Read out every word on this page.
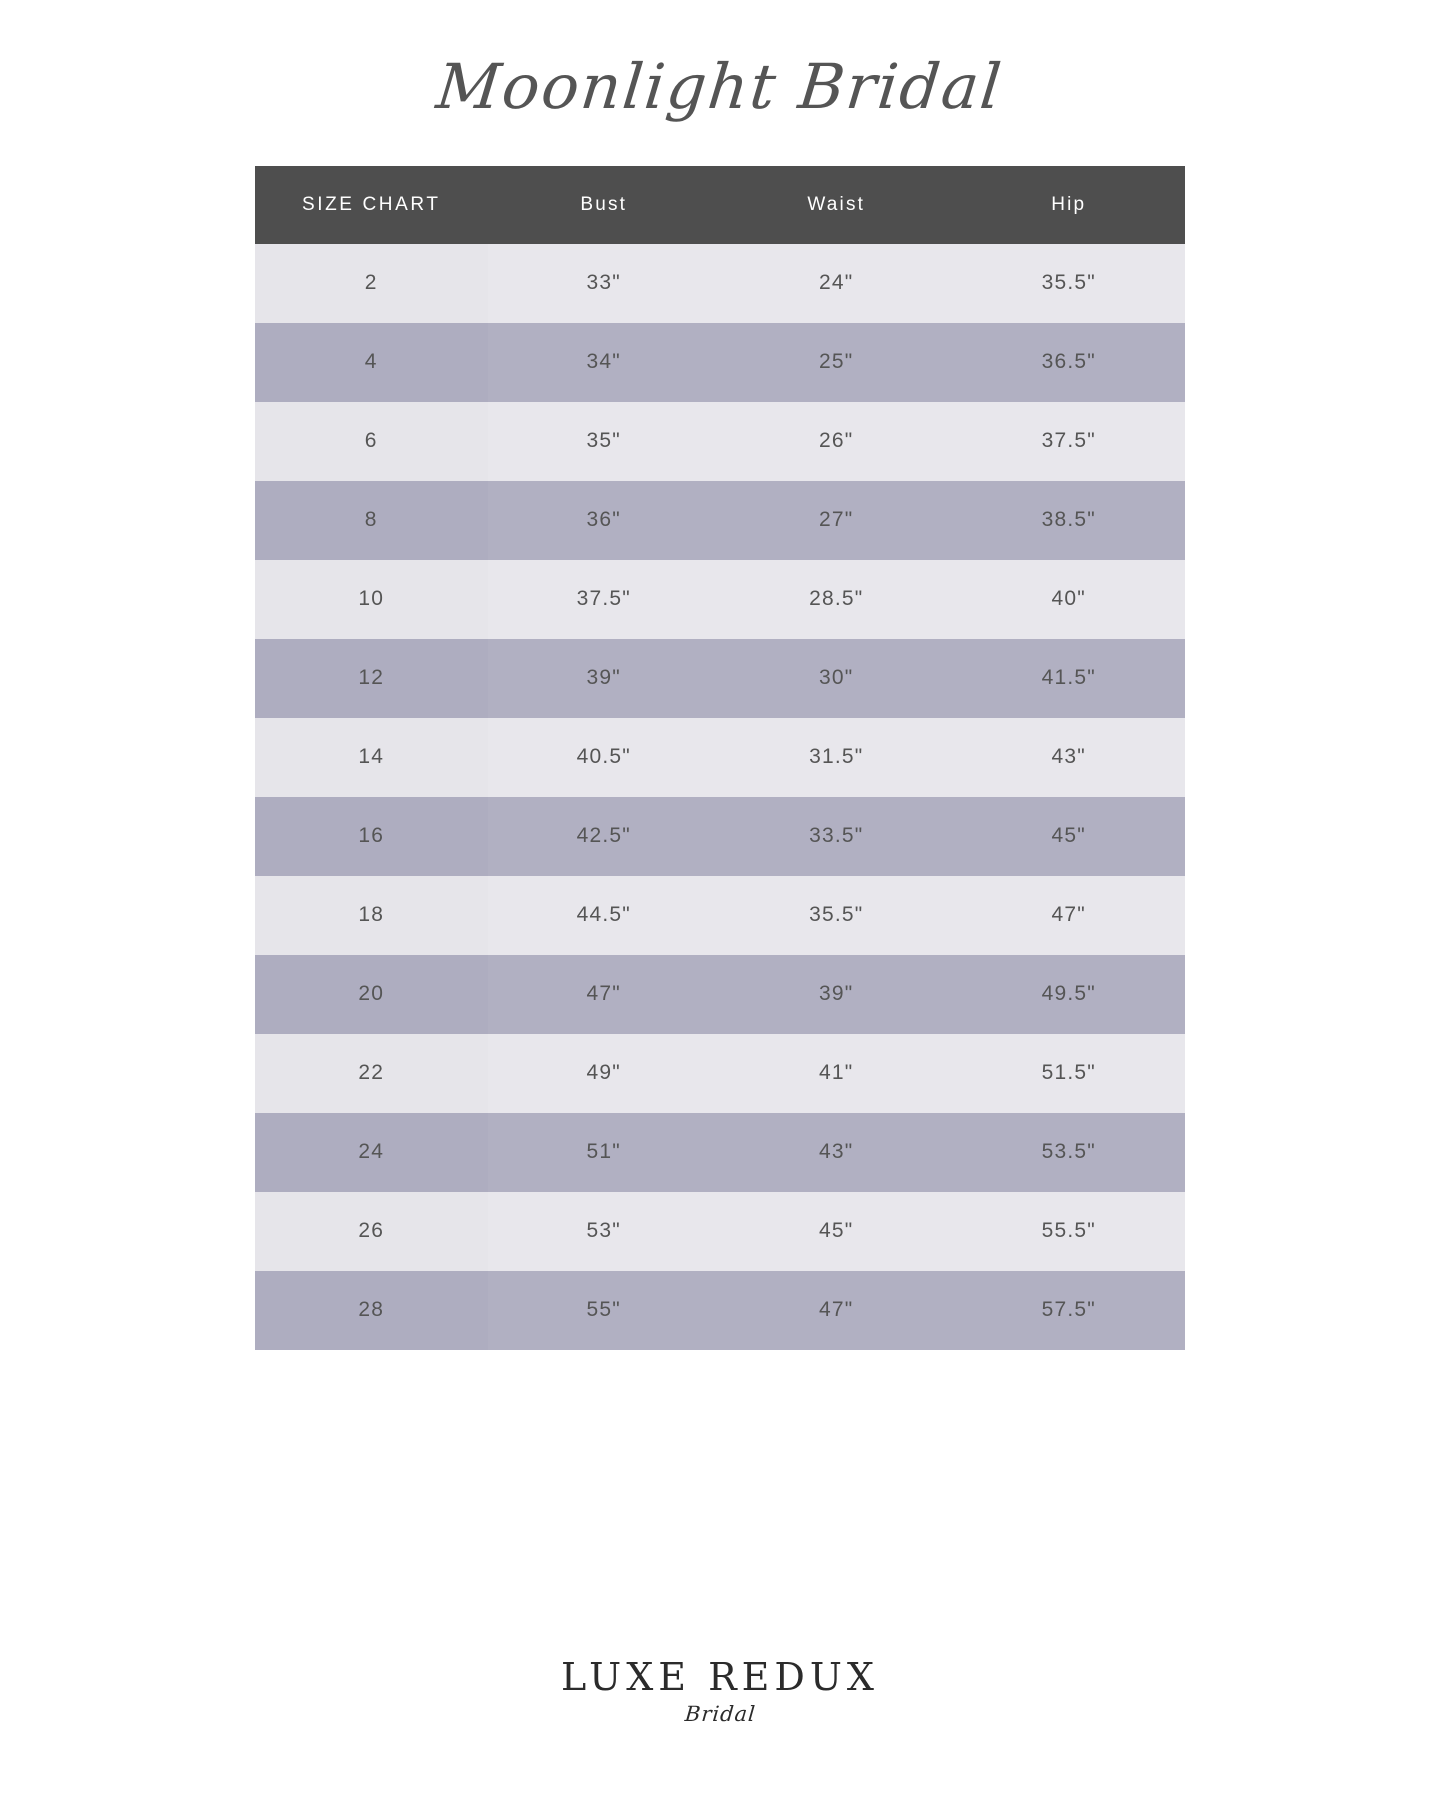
Moonlight Bridal
SIZE CHART	Bust	Waist	Hip
2	33"	24"	35.5"
4	34"	25"	36.5"
6	35"	26"	37.5"
8	36"	27"	38.5"
10	37.5"	28.5"	40"
12	39"	30"	41.5"
14	40.5"	31.5"	43"
16	42.5"	33.5"	45"
18	44.5"	35.5"	47"
20	47"	39"	49.5"
22	49"	41"	51.5"
24	51"	43"	53.5"
26	53"	45"	55.5"
28	55"	47"	57.5"
LUXE REDUX
Bridal
